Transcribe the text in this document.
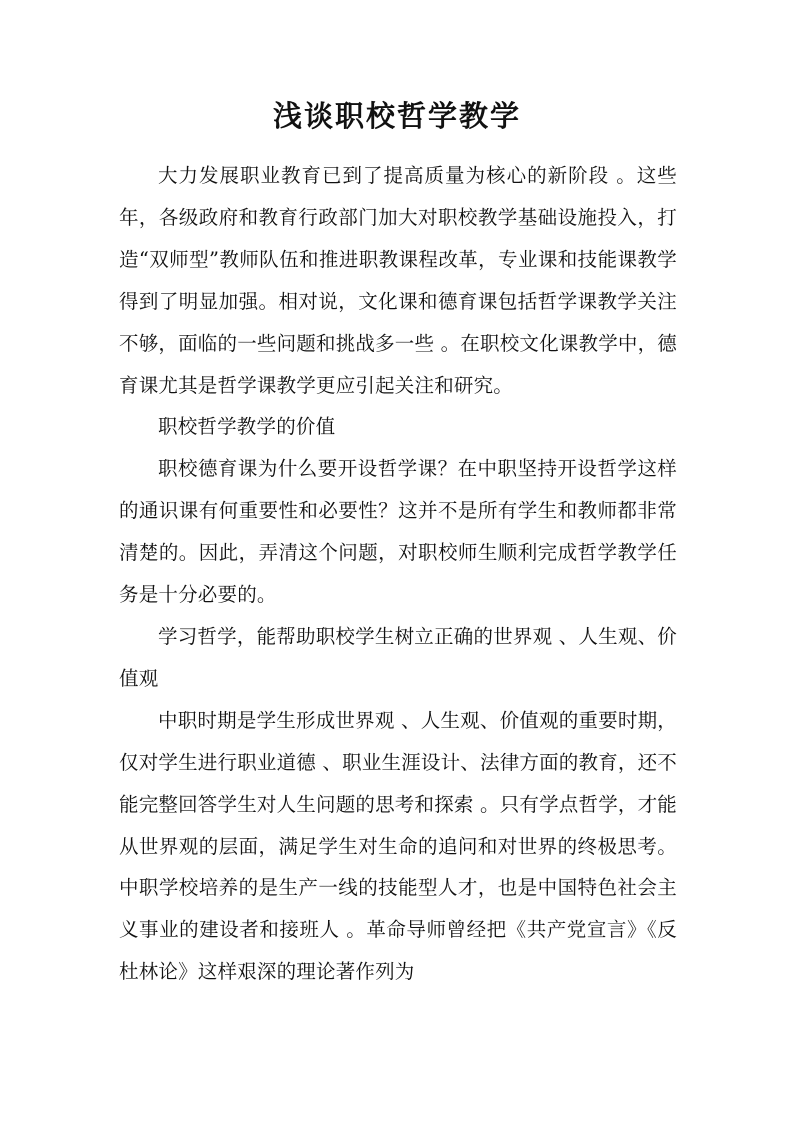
浅谈职校哲学教学

大力发展职业教育已到了提高质量为核心的新阶段 。这些年，各级政府和教育行政部门加大对职校教学基础设施投入，打造“双师型”教师队伍和推进职教课程改革，专业课和技能课教学得到了明显加强。相对说，文化课和德育课包括哲学课教学关注不够，面临的一些问题和挑战多一些 。在职校文化课教学中，德育课尤其是哲学课教学更应引起关注和研究。

职校哲学教学的价值

职校德育课为什么要开设哲学课？在中职坚持开设哲学这样的通识课有何重要性和必要性？这并不是所有学生和教师都非常清楚的。因此，弄清这个问题，对职校师生顺利完成哲学教学任务是十分必要的。

学习哲学，能帮助职校学生树立正确的世界观 、人生观、价值观

中职时期是学生形成世界观 、人生观、价值观的重要时期，仅对学生进行职业道德 、职业生涯设计、法律方面的教育，还不能完整回答学生对人生问题的思考和探索 。只有学点哲学，才能从世界观的层面，满足学生对生命的追问和对世界的终极思考。中职学校培养的是生产一线的技能型人才，也是中国特色社会主义事业的建设者和接班人 。革命导师曾经把《共产党宣言》《反杜林论》这样艰深的理论著作列为
